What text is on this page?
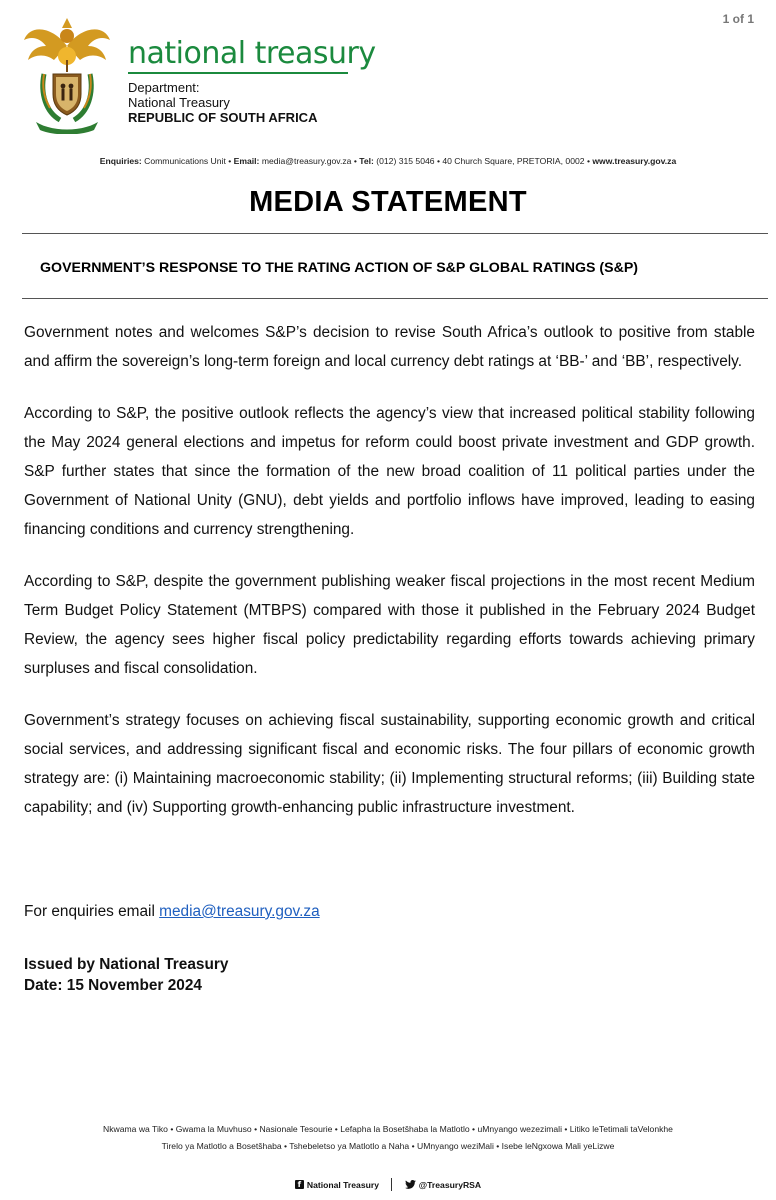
1 of 1
national treasury
Department:
National Treasury
REPUBLIC OF SOUTH AFRICA
Enquiries: Communications Unit • Email: media@treasury.gov.za • Tel: (012) 315 5046 • 40 Church Square, PRETORIA, 0002 • www.treasury.gov.za
MEDIA STATEMENT
GOVERNMENT’S RESPONSE TO THE RATING ACTION OF S&P GLOBAL RATINGS (S&P)

Government notes and welcomes S&P’s decision to revise South Africa’s outlook to positive from stable and affirm the sovereign’s long-term foreign and local currency debt ratings at ‘BB-’ and ‘BB’, respectively.

According to S&P, the positive outlook reflects the agency’s view that increased political stability following the May 2024 general elections and impetus for reform could boost private investment and GDP growth. S&P further states that since the formation of the new broad coalition of 11 political parties under the Government of National Unity (GNU), debt yields and portfolio inflows have improved, leading to easing financing conditions and currency strengthening.

According to S&P, despite the government publishing weaker fiscal projections in the most recent Medium Term Budget Policy Statement (MTBPS) compared with those it published in the February 2024 Budget Review, the agency sees higher fiscal policy predictability regarding efforts towards achieving primary surpluses and fiscal consolidation.

Government’s strategy focuses on achieving fiscal sustainability, supporting economic growth and critical social services, and addressing significant fiscal and economic risks. The four pillars of economic growth strategy are: (i) Maintaining macroeconomic stability; (ii) Implementing structural reforms; (iii) Building state capability; and (iv) Supporting growth-enhancing public infrastructure investment.

For enquiries email media@treasury.gov.za
Issued by National Treasury
Date: 15 November 2024
Nkwama wa Tiko • Gwama la Muvhuso • Nasionale Tesourie • Lefapha la Bosetšhaba la Matlotlo • uMnyango wezezimali • Litiko leTetimali taVelonkhe
Tirelo ya Matlotlo a Bosetšhaba • Tshebeletso ya Matlotlo a Naha • UMnyango weziMali • Isebe leNgxowa Mali yeLizwe
f National Treasury
	@TreasuryRSA
